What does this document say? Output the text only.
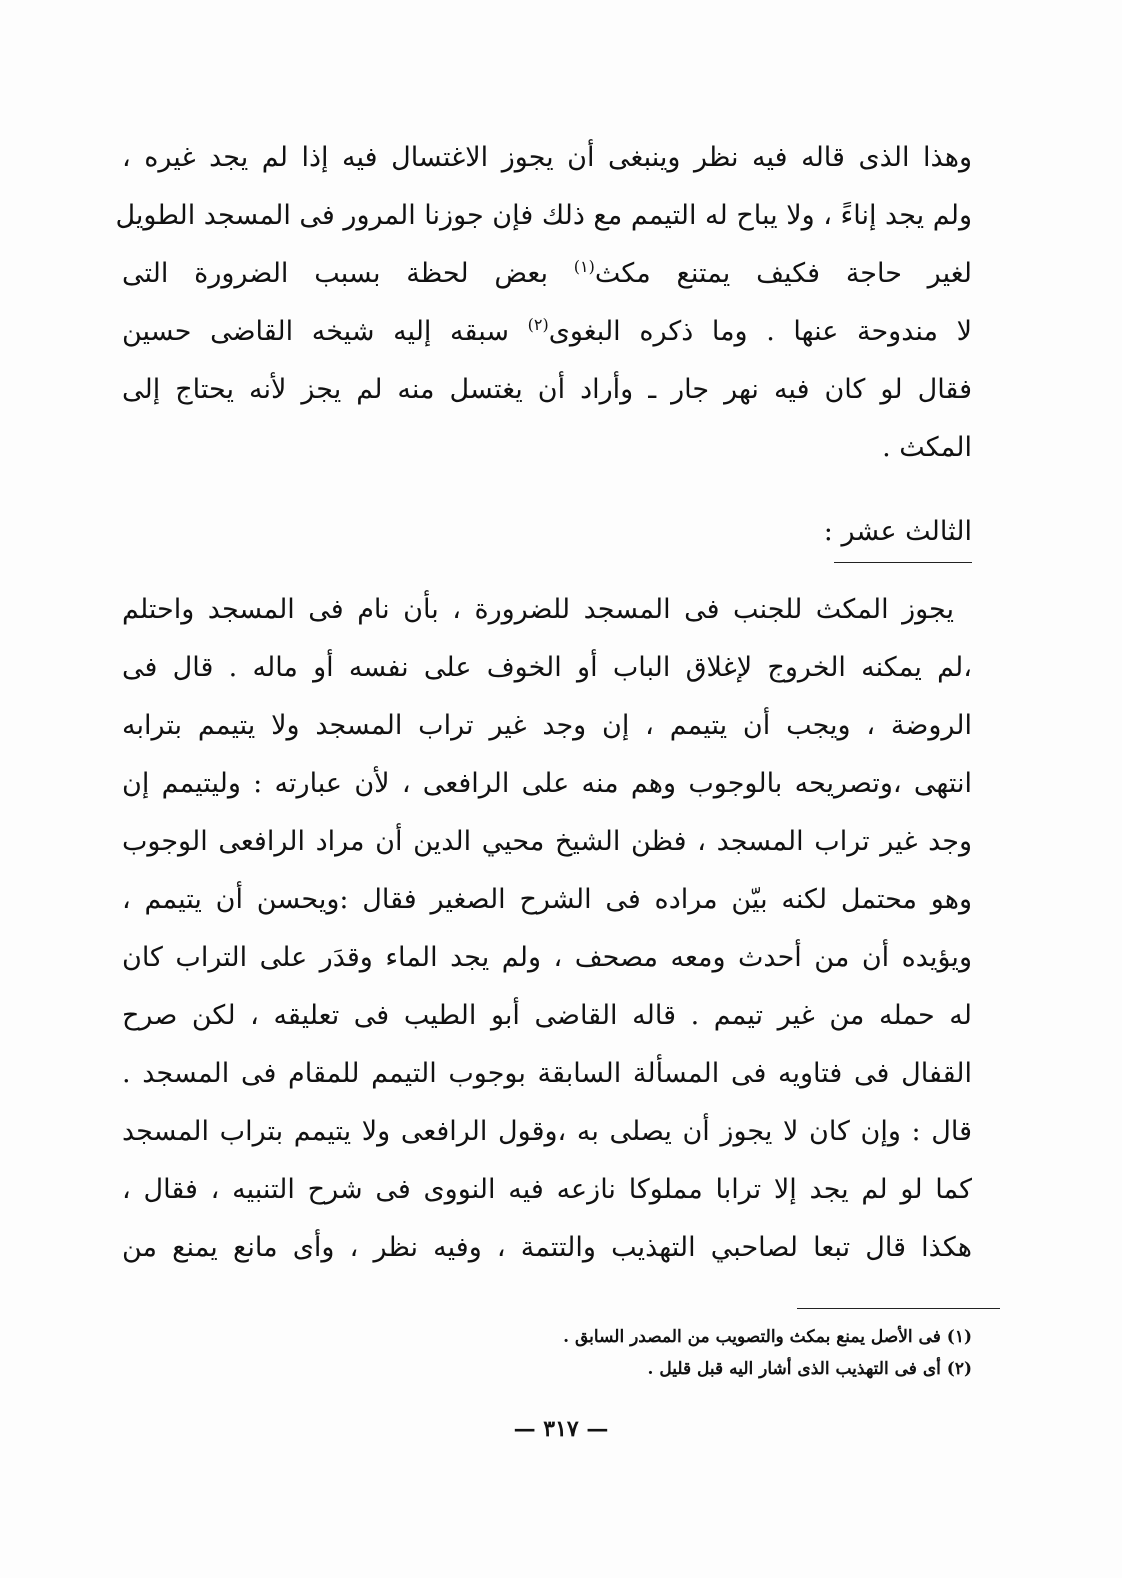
وهذا الذى قاله فيه نظر وينبغى أن يجوز الاغتسال فيه إذا لم يجد غيره ،

ولم يجد إناءً ، ولا يباح له التيمم مع ذلك فإن جوزنا المرور فى المسجد الطويل

لغير حاجة فكيف يمتنع مكث$^{(١)}$ بعض لحظة بسبب الضرورة التى

لا مندوحة عنها . وما ذكره البغوى$^{(٢)}$ سبقه إليه شيخه القاضى حسين

فقال لو كان فيه نهر جار ـ وأراد أن يغتسل منه لم يجز لأنه يحتاج إلى

المكث .

الثالث عشر :

يجوز المكث للجنب فى المسجد للضرورة ، بأن نام فى المسجد واحتلم

،لم يمكنه الخروج لإغلاق الباب أو الخوف على نفسه أو ماله . قال فى

الروضة ، ويجب أن يتيمم ، إن وجد غير تراب المسجد ولا يتيمم بترابه

انتهى ،وتصريحه بالوجوب وهم منه على الرافعى ، لأن عبارته : وليتيمم إن

وجد غير تراب المسجد ، فظن الشيخ محيي الدين أن مراد الرافعى الوجوب

وهو محتمل لكنه بيّن مراده فى الشرح الصغير فقال :ويحسن أن يتيمم ،

ويؤيده أن من أحدث ومعه مصحف ، ولم يجد الماء وقدَر على التراب كان

له حمله من غير تيمم . قاله القاضى أبو الطيب فى تعليقه ، لكن صرح

القفال فى فتاويه فى المسألة السابقة بوجوب التيمم للمقام فى المسجد .

قال : وإن كان لا يجوز أن يصلى به ،وقول الرافعى ولا يتيمم بتراب المسجد

كما لو لم يجد إلا ترابا مملوكا نازعه فيه النووى فى شرح التنبيه ، فقال ،

هكذا قال تبعا لصاحبي التهذيب والتتمة ، وفيه نظر ، وأى مانع يمنع من

(١) فى الأصل يمنع بمكث والتصويب من المصدر السابق .
(٢) أى فى التهذيب الذى أشار اليه قبل قليل .
— ٣١٧ —
